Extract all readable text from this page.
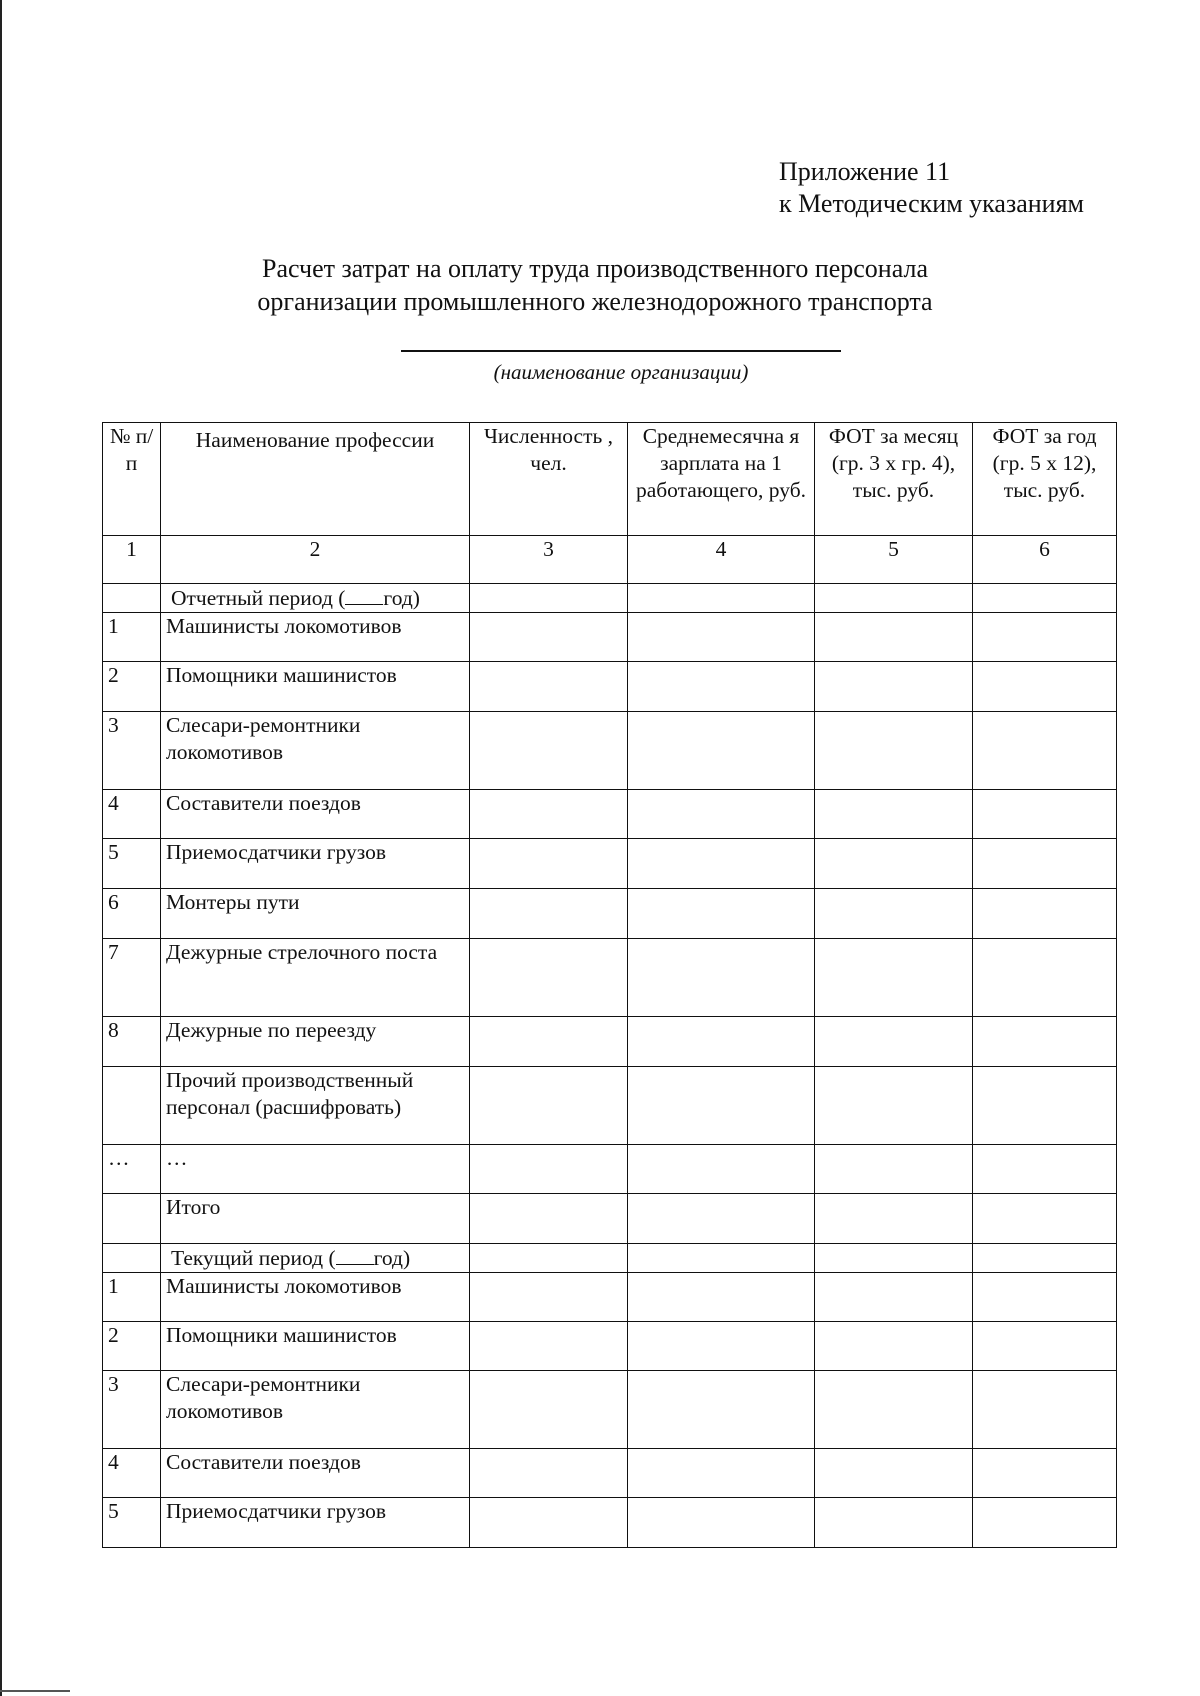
Приложение 11
к Методическим указаниям
Расчет затрат на оплату труда производственного персонала
организации промышленного железнодорожного транспорта
(наименование организации)
№ п/п	Наименование профессии	Численность , чел.	Среднемесячна я зарплата на 1 работающего, руб.	ФОТ за месяц (гр. 3 х гр. 4), тыс. руб.	ФОТ за год (гр. 5 х 12), тыс. руб.
1	2	3	4	5	6
	Отчетный период ( год)				
1	Машинисты локомотивов				
2	Помощники машинистов				
3	Слесари-ремонтники локомотивов				
4	Составители поездов				
5	Приемосдатчики грузов				
6	Монтеры пути				
7	Дежурные стрелочного поста				
8	Дежурные по переезду				
	Прочий производственный персонал (расшифровать)				
…	…				
	Итого				
	Текущий период ( год)				
1	Машинисты локомотивов				
2	Помощники машинистов				
3	Слесари-ремонтники локомотивов				
4	Составители поездов				
5	Приемосдатчики грузов				
